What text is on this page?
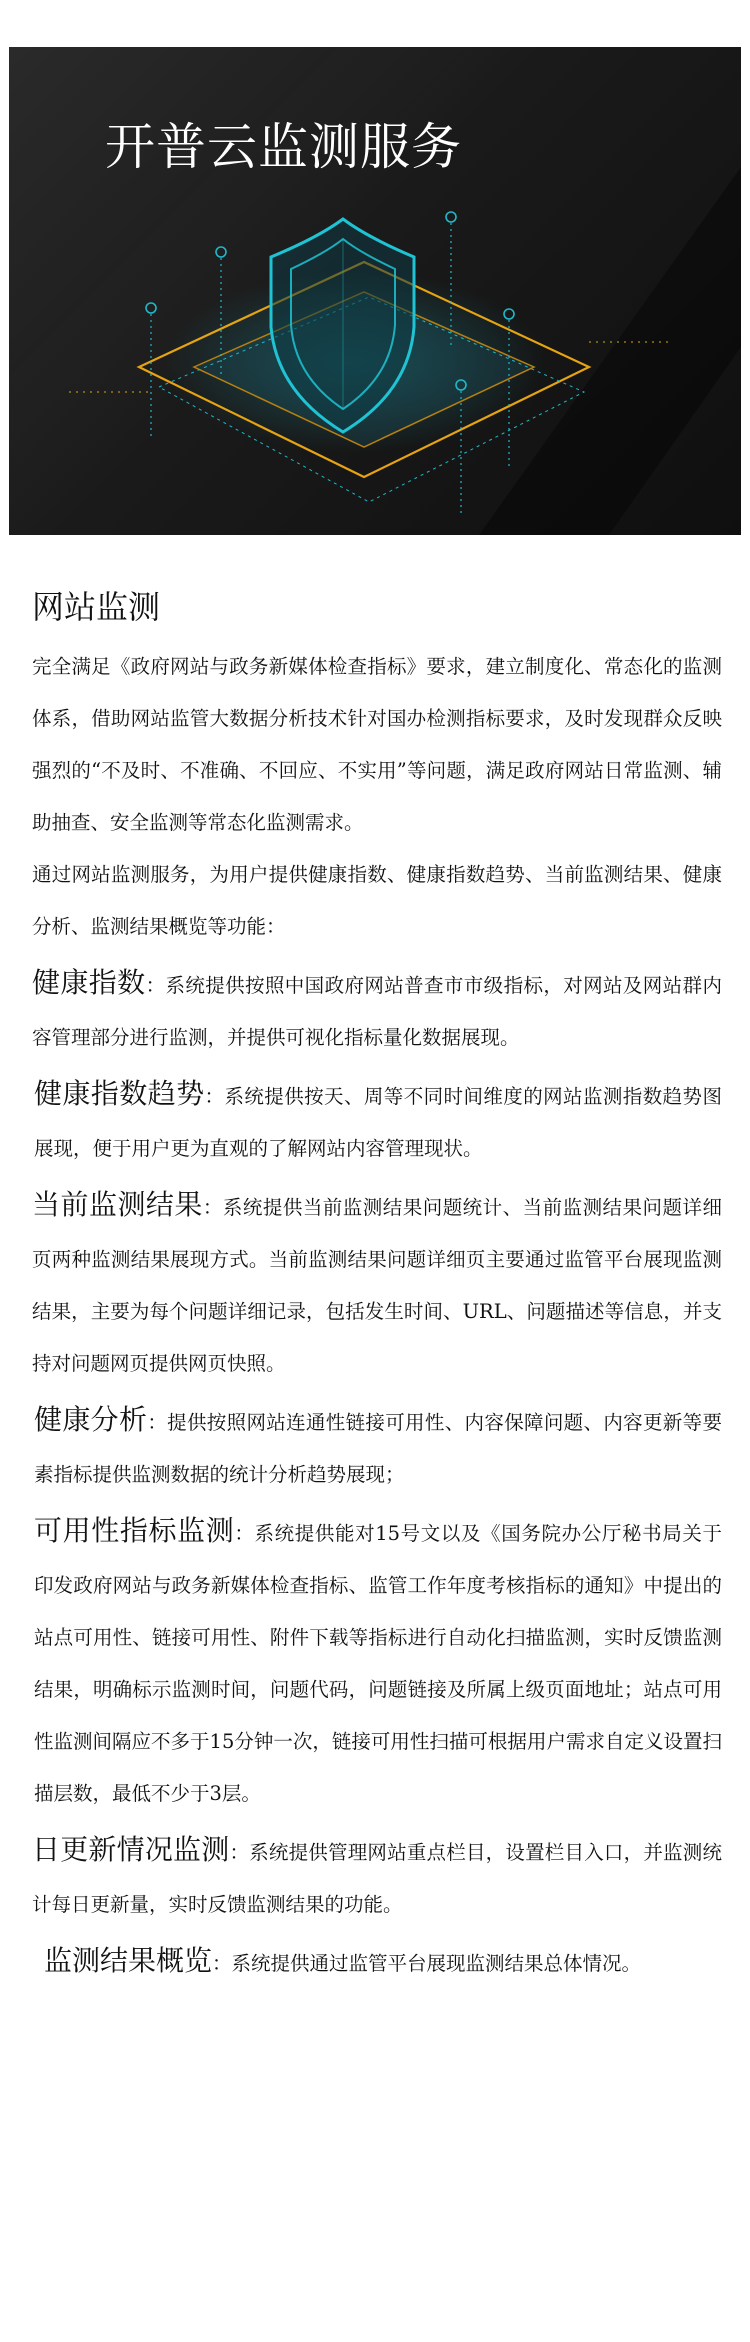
开普云监测服务
网站监测

完全满足《政府网站与政务新媒体检查指标》要求，建立制度化、常态化的监测体系，借助网站监管大数据分析技术针对国办检测指标要求，及时发现群众反映强烈的“不及时、不准确、不回应、不实用”等问题，满足政府网站日常监测、辅助抽查、安全监测等常态化监测需求。

通过网站监测服务，为用户提供健康指数、健康指数趋势、当前监测结果、健康分析、监测结果概览等功能：

健康指数：系统提供按照中国政府网站普查市市级指标，对网站及网站群内容管理部分进行监测，并提供可视化指标量化数据展现。

健康指数趋势：系统提供按天、周等不同时间维度的网站监测指数趋势图展现，便于用户更为直观的了解网站内容管理现状。

当前监测结果：系统提供当前监测结果问题统计、当前监测结果问题详细页两种监测结果展现方式。当前监测结果问题详细页主要通过监管平台展现监测结果，主要为每个问题详细记录，包括发生时间、URL、问题描述等信息，并支持对问题网页提供网页快照。

健康分析：提供按照网站连通性链接可用性、内容保障问题、内容更新等要素指标提供监测数据的统计分析趋势展现；

可用性指标监测：系统提供能对15号文以及《国务院办公厅秘书局关于印发政府网站与政务新媒体检查指标、监管工作年度考核指标的通知》中提出的站点可用性、链接可用性、附件下载等指标进行自动化扫描监测，实时反馈监测结果，明确标示监测时间，问题代码，问题链接及所属上级页面地址；站点可用性监测间隔应不多于15分钟一次，链接可用性扫描可根据用户需求自定义设置扫描层数，最低不少于3层。

日更新情况监测：系统提供管理网站重点栏目，设置栏目入口，并监测统计每日更新量，实时反馈监测结果的功能。

监测结果概览：系统提供通过监管平台展现监测结果总体情况。
